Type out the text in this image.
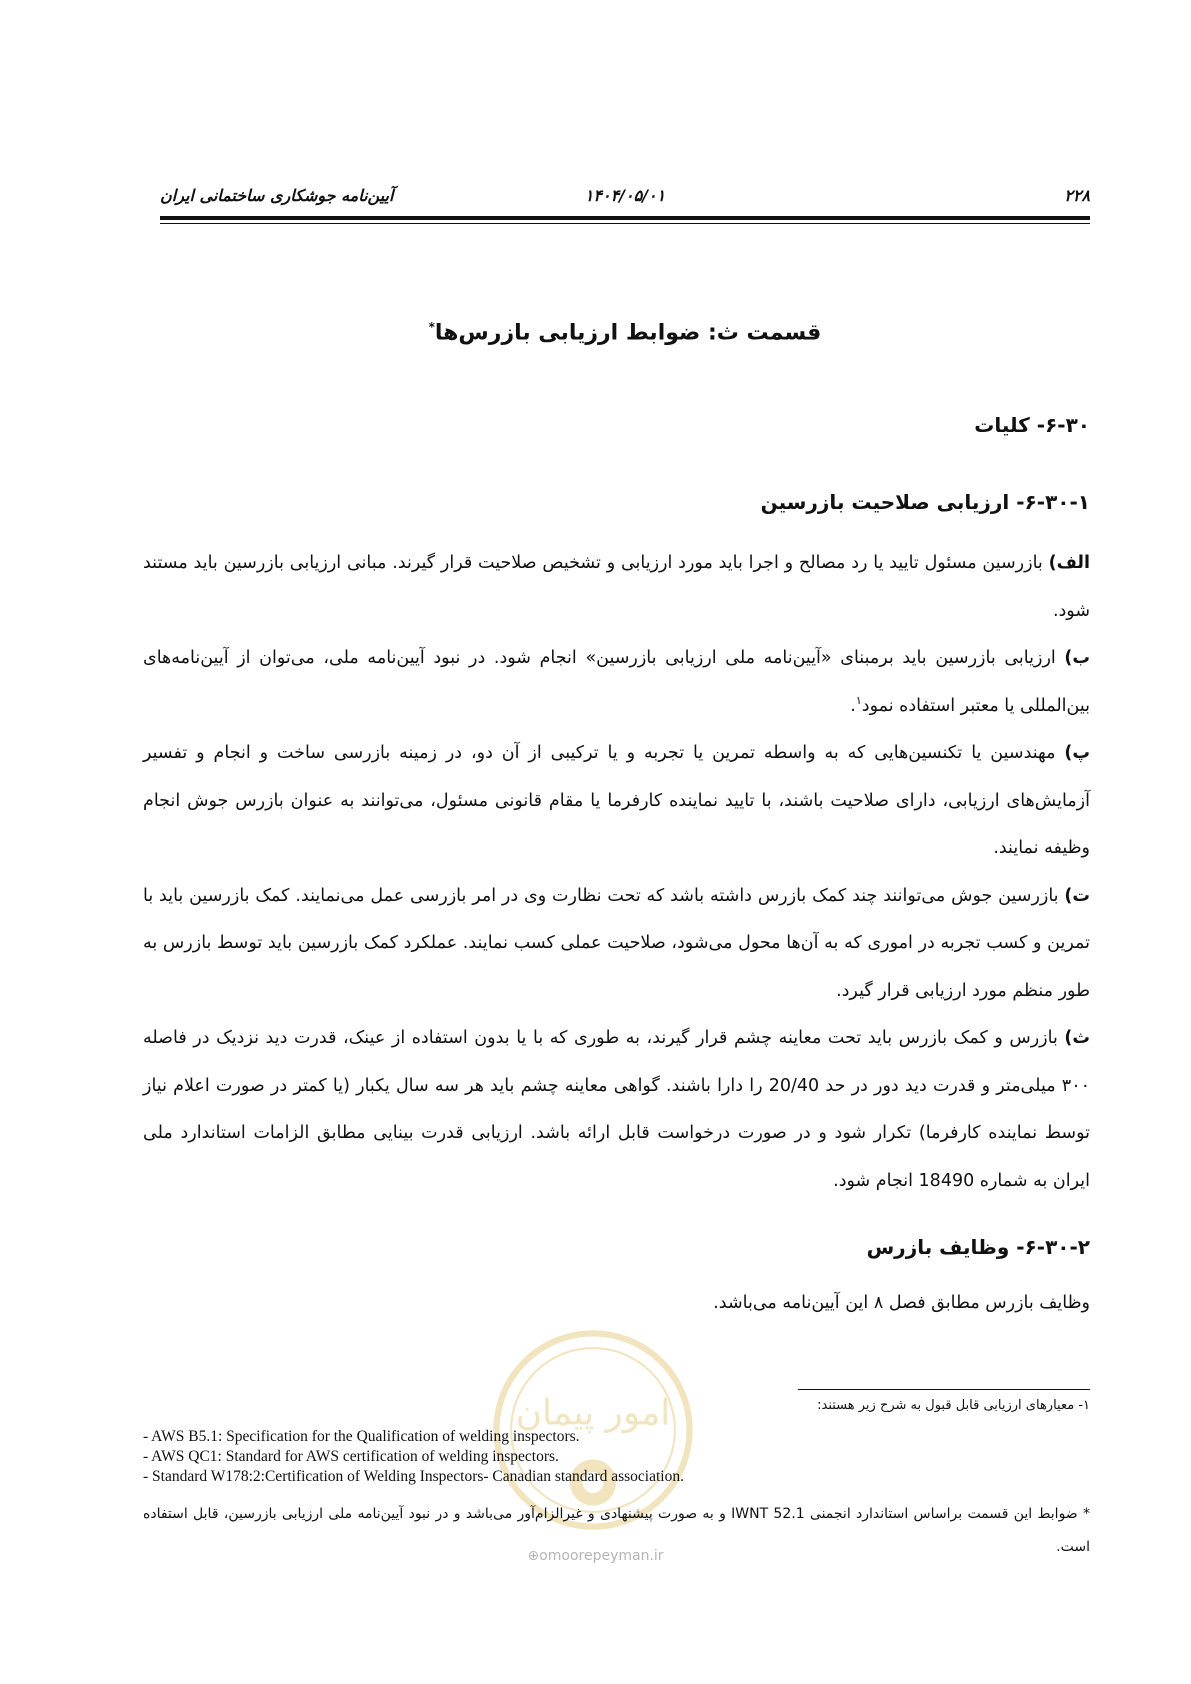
۲۲۸
۱۴۰۴/۰۵/۰۱
آیین‌نامه جوشکاری ساختمانی ایران
قسمت ث: ضوابط ارزیابی بازرس‌ها*
۶-۳۰- کلیات
۶-۳۰-۱- ارزیابی صلاحیت بازرسین

الف) بازرسین مسئول تایید یا رد مصالح و اجرا باید مورد ارزیابی و تشخیص صلاحیت قرار گیرند. مبانی ارزیابی بازرسین باید مستند شود.

ب) ارزیابی بازرسین باید برمبنای «آیین‌نامه ملی ارزیابی بازرسین» انجام شود. در نبود آیین‌نامه ملی، می‌توان از آیین‌نامه‌های بین‌المللی یا معتبر استفاده نمود$^۱$.

پ) مهندسین یا تکنسین‌هایی که به واسطه تمرین یا تجربه و یا ترکیبی از آن دو، در زمینه بازرسی ساخت و انجام و تفسیر آزمایش‌های ارزیابی، دارای صلاحیت باشند، با تایید نماینده کارفرما یا مقام قانونی مسئول، می‌توانند به عنوان بازرس جوش انجام وظیفه نمایند.

ت) بازرسین جوش می‌توانند چند کمک بازرس داشته باشد که تحت نظارت وی در امر بازرسی عمل می‌نمایند. کمک بازرسین باید با تمرین و کسب تجربه در اموری که به آن‌ها محول می‌شود، صلاحیت عملی کسب نمایند. عملکرد کمک بازرسین باید توسط بازرس به طور منظم مورد ارزیابی قرار گیرد.

ث) بازرس و کمک بازرس باید تحت معاینه چشم قرار گیرند، به طوری که با یا بدون استفاده از عینک، قدرت دید نزدیک در فاصله ۳۰۰ میلی‌متر و قدرت دید دور در حد 20/40 را دارا باشند. گواهی معاینه چشم باید هر سه سال یکبار (یا کمتر در صورت اعلام نیاز توسط نماینده کارفرما) تکرار شود و در صورت درخواست قابل ارائه باشد. ارزیابی قدرت بینایی مطابق الزامات استاندارد ملی ایران به شماره 18490 انجام شود.

۶-۳۰-۲- وظایف بازرس

وظایف بازرس مطابق فصل ۸ این آیین‌نامه می‌باشد.

امور پیمان	۱- معیارهای ارزیابی قابل قبول به شرح زیر هستند:
- AWS B5.1: Specification for the Qualification of welding inspectors.
- AWS QC1: Standard for AWS certification of welding inspectors.
- Standard W178:2:Certification of Welding Inspectors- Canadian standard association.
* ضوابط این قسمت براساس استاندارد انجمنی IWNT 52.1 و به صورت پیشنهادی و غیرالزام‌آور می‌باشد و در نبود آیین‌نامه ملی ارزیابی بازرسین، قابل استفاده است.
⊕omoorepeyman.ir
